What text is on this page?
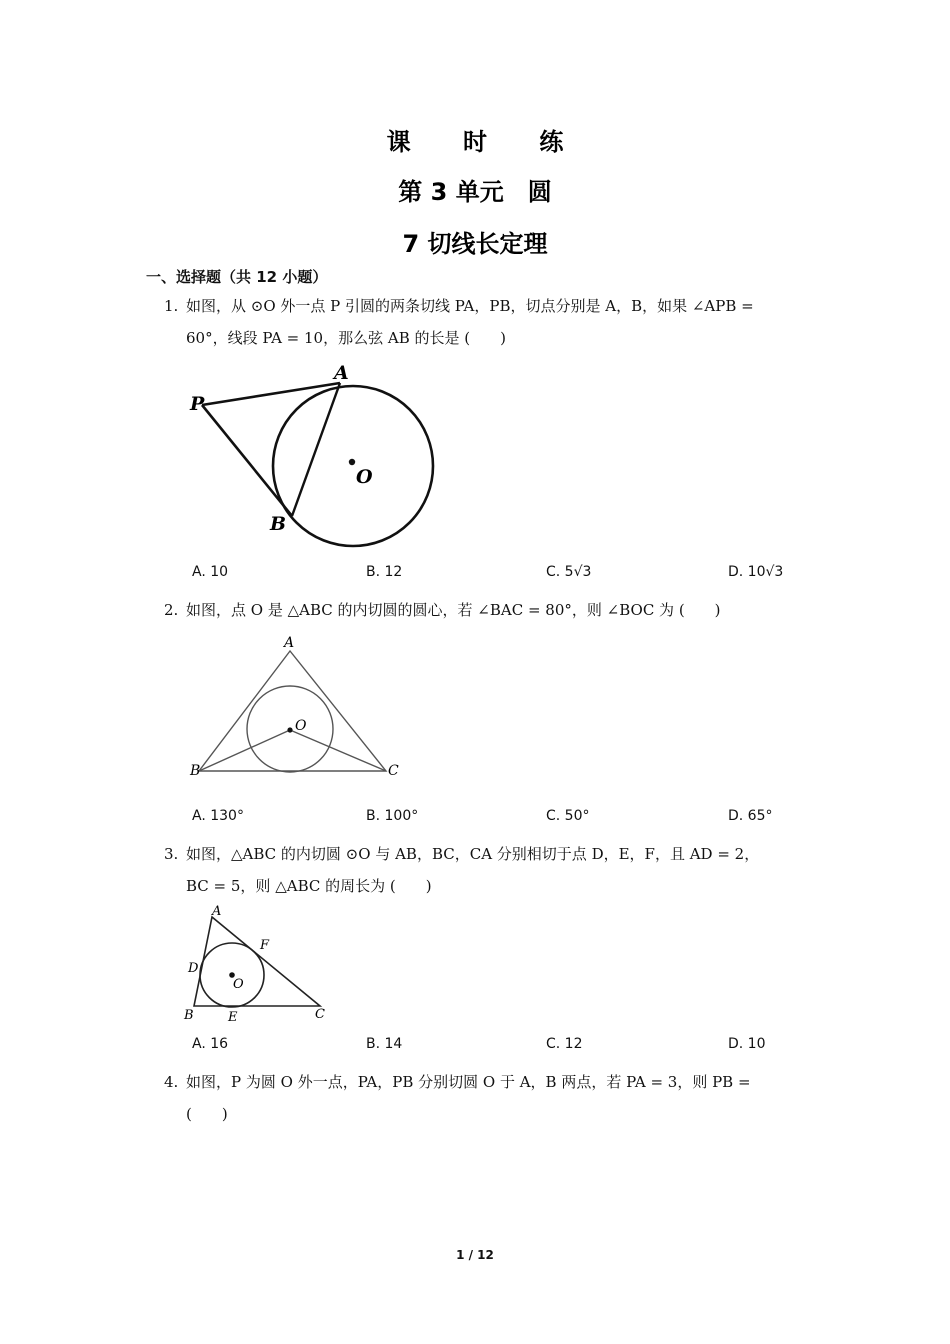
课 时 练
第 3 单元　圆
7 切线长定理
一、选择题（共 12 小题）
1. 如图，从 ⊙O 外一点 P 引圆的两条切线 PA，PB，切点分别是 A，B，如果 ∠APB =
60°，线段 PA = 10，那么弦 AB 的长是 (　　)
P
A
B
O
A. 10	B. 12	C. 5√3	D. 10√3
2. 如图，点 O 是 △ABC 的内切圆的圆心，若 ∠BAC = 80°，则 ∠BOC 为 (　　)
A
B	C
O
A. 130°	B. 100°	C. 50°	D. 65°
3. 如图，△ABC 的内切圆 ⊙O 与 AB，BC，CA 分别相切于点 D，E，F，且 AD = 2，
BC = 5，则 △ABC 的周长为 (　　)
A
B	C
D
E
F
O
A. 16	B. 14	C. 12	D. 10
4. 如图，P 为圆 O 外一点，PA，PB 分别切圆 O 于 A，B 两点，若 PA = 3，则 PB =
(　　)
1 / 12
